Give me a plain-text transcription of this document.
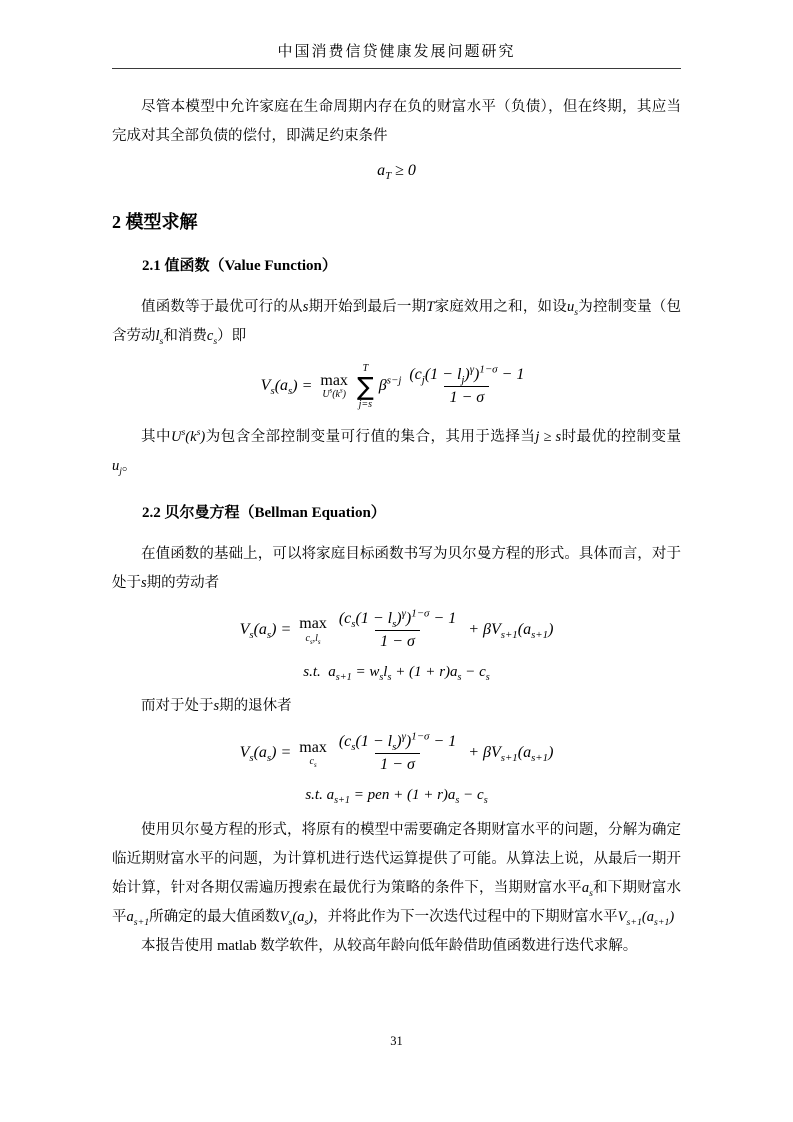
中国消费信贷健康发展问题研究

尽管本模型中允许家庭在生命周期内存在负的财富水平（负债），但在终期，其应当完成对其全部负债的偿付，即满足约束条件

$a_T \ge 0$
2 模型求解
2.1 值函数（Value Function）

值函数等于最优可行的从s期开始到最后一期T家庭效用之和，如设$u_s$为控制变量（包含劳动$l_s$和消费$c_s$）即

$V_s(a_s) = \max$
$U^s(k^s)$
T
∑
j=s
$\beta^{s-j} \frac{(c_j(1 - l_j)^\gamma)^{1-\sigma} - 1}{1 - \sigma}$

其中$U^s(k^s)$为包含全部控制变量可行值的集合，其用于选择当j ≥ s时最优的控制变量$u_j$。

2.2 贝尔曼方程（Bellman Equation）

在值函数的基础上，可以将家庭目标函数书写为贝尔曼方程的形式。具体而言，对于处于s期的劳动者

$V_s(a_s) = \max$
$c_s,l_s \frac{(c_s(1 - l_s)^\gamma)^{1-\sigma} - 1}{1 - \sigma} + \beta V_{s+1}(a_{s+1})$
s.t.  $a_{s+1} = w_sl_s + (1 + r)a_s - c_s$

而对于处于s期的退休者

$V_s(a_s) = \max$
$c_s \frac{(c_s(1 - l_s)^\gamma)^{1-\sigma} - 1}{1 - \sigma} + \beta V_{s+1}(a_{s+1})$
s.t. $a_{s+1}$ = pen + $(1 + r)a_s - c_s$

使用贝尔曼方程的形式，将原有的模型中需要确定各期财富水平的问题，分解为确定临近期财富水平的问题，为计算机进行迭代运算提供了可能。从算法上说，从最后一期开始计算，针对各期仅需遍历搜索在最优行为策略的条件下，当期财富水平$a_s$和下期财富水平$a_{s+1}$所确定的最大值函数$V_s(a_s)$，并将此作为下一次迭代过程中的下期财富水平$V_{s+1}(a_{s+1})$

本报告使用 matlab 数学软件，从较高年龄向低年龄借助值函数进行迭代求解。

31
